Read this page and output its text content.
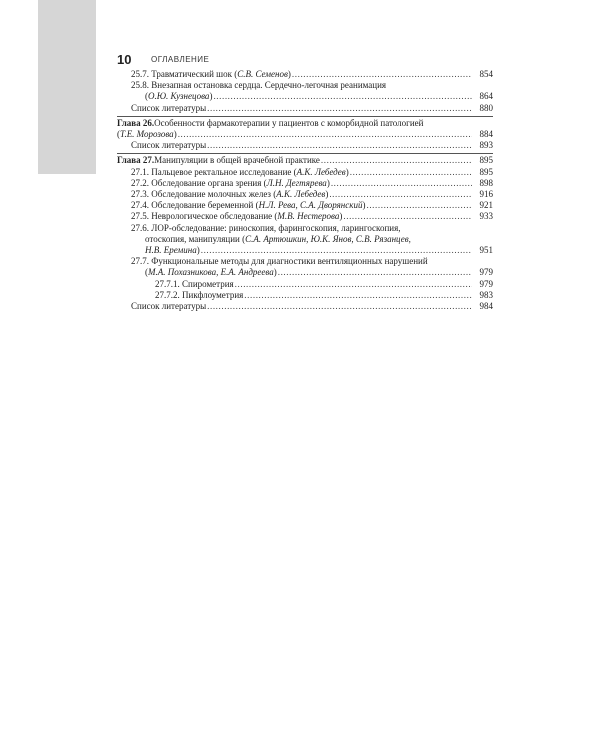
10 ОГЛАВЛЕНИЕ
25.7. Травматический шок ( С.В. Семенов ) .....	854
25.8. Внезапная остановка сердца. Сердечно-легочная реанимация
( О.Ю. Кузнецова ) .....	864
Список литературы .....	880
Глава 26. Особенности фармакотерапии у пациентов с коморбидной патологией
( Т.Е. Морозова ) .....	884
Список литературы .....	893
Глава 27. Манипуляции в общей врачебной практике .....	895
27.1. Пальцевое ректальное исследование ( А.К. Лебедев ) .....	895
27.2. Обследование органа зрения ( Л.Н. Дегтярева ) .....	898
27.3. Обследование молочных желез ( А.К. Лебедев ) .....	916
27.4. Обследование беременной ( Н.Л. Рева, С.А. Дворянский ) .....	921
27.5. Неврологическое обследование ( М.В. Нестерова ) .....	933
27.6. ЛОР-обследование: риноскопия, фарингоскопия, ларингоскопия,
отоскопия, манипуляции ( С.А. Артюшкин, Ю.К. Янов, С.В. Рязанцев,
Н.В. Еремина ) .....	951
27.7. Функциональные методы для диагностики вентиляционных нарушений
( М.А. Похазникова, Е.А. Андреева ) .....	979
27.7.1. Спирометрия .....	979
27.7.2. Пикфлоуметрия .....	983
Список литературы .....	984
